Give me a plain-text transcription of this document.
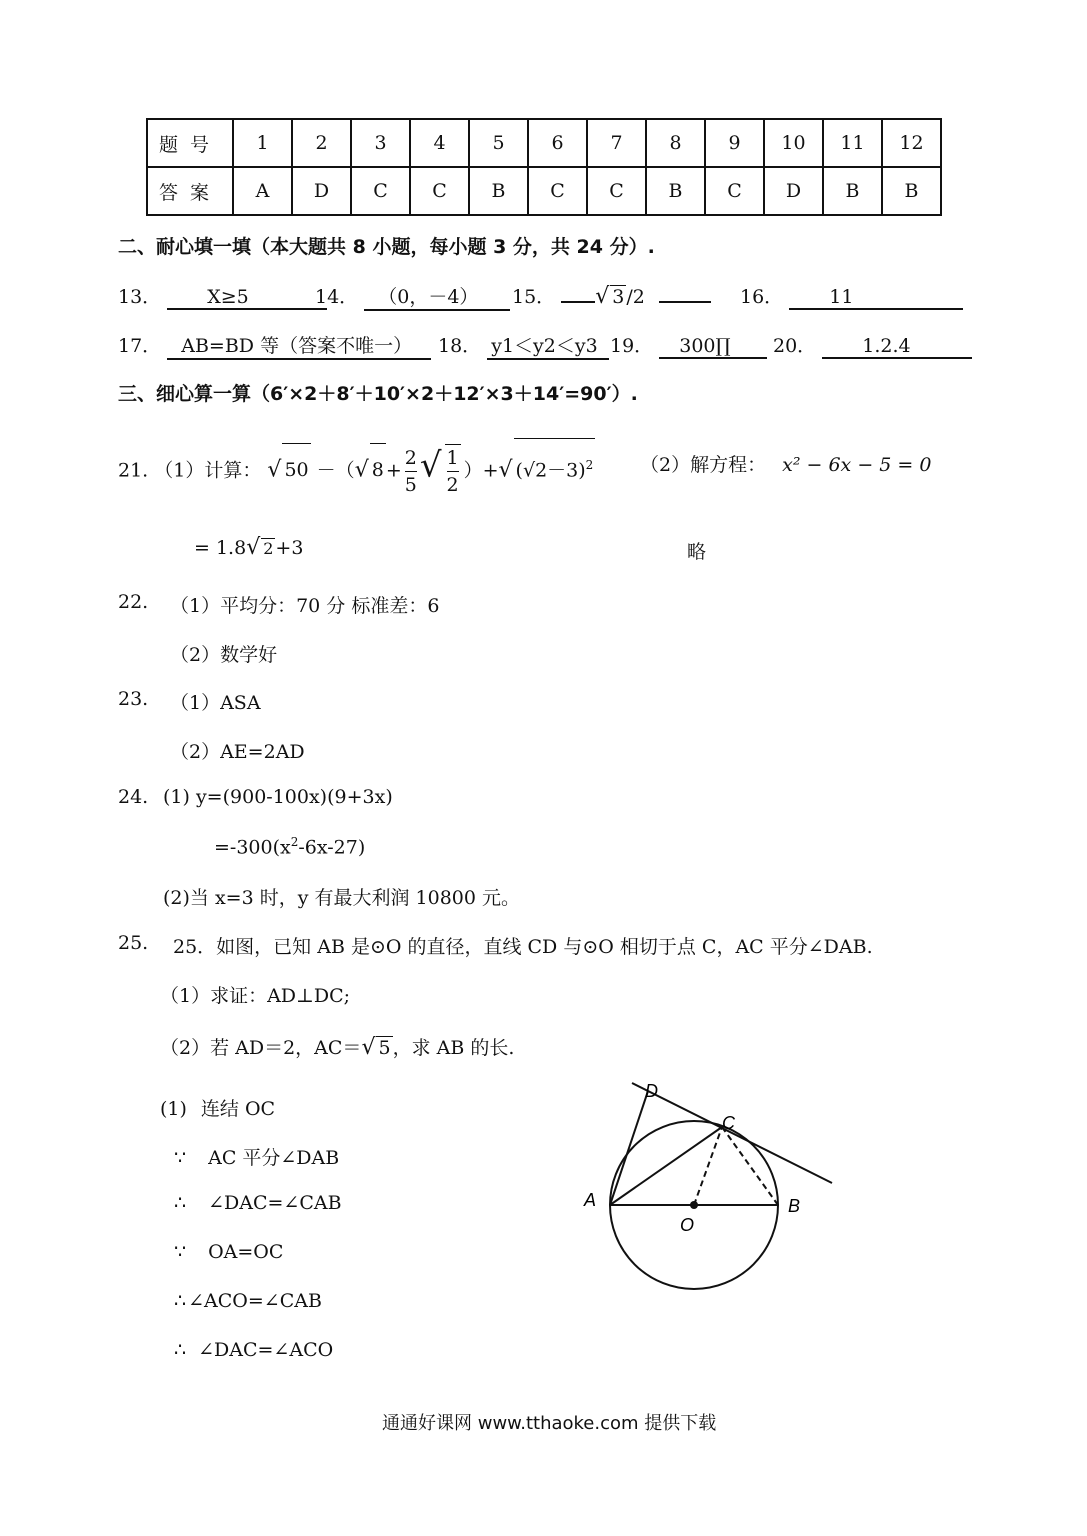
题号	1	2	3	4	5	6	7	8	9	10	11	12
答案	A	D	C	C	B	C	C	B	C	D	B	B
二、耐心填一填（本大题共 8 小题，每小题 3 分，共 24 分）.
13． X≥5	14． （0，－4）	15． √ 3 /2	16． 11
17． AB=BD 等（答案不唯一）	18． y1＜y2＜y3 19． 300∏	20． 1.2.4
三、细心算一算（6′×2＋8′＋10′×2＋12′×3＋14′=90′）.
21. （1）计算： √ 50 －（√ $8 + \frac{2}{5}$ √ $\frac{1}{2}$ ）+√ $(√2-3)^2$ （2）解方程： x² − 6x − 5 = 0
= 1.8√ 2 +3	略
22. （1）平均分：70 分 标准差：6
（2）数学好
23. （1）ASA
（2）AE=2AD
24. (1) y=(900-100x)(9+3x)
$=-300(x^2-6x-27)$
(2)当 x=3 时，y 有最大利润 10800 元。
25. 25．如图，已知 AB 是⊙O 的直径，直线 CD 与⊙O 相切于点 C，AC 平分∠DAB.
（1）求证：AD⊥DC;
（2）若 AD＝2，AC＝√ 5 ，求 AB 的长.
(1) 连结 OC
∵ AC 平分∠DAB
∴ ∠DAC=∠CAB
∵ OA=OC
∴ ∠ACO=∠CAB
∴ ∠DAC=∠ACO
A	B
C
D
O
通通好课网 www.tthaoke.com 提供下载
